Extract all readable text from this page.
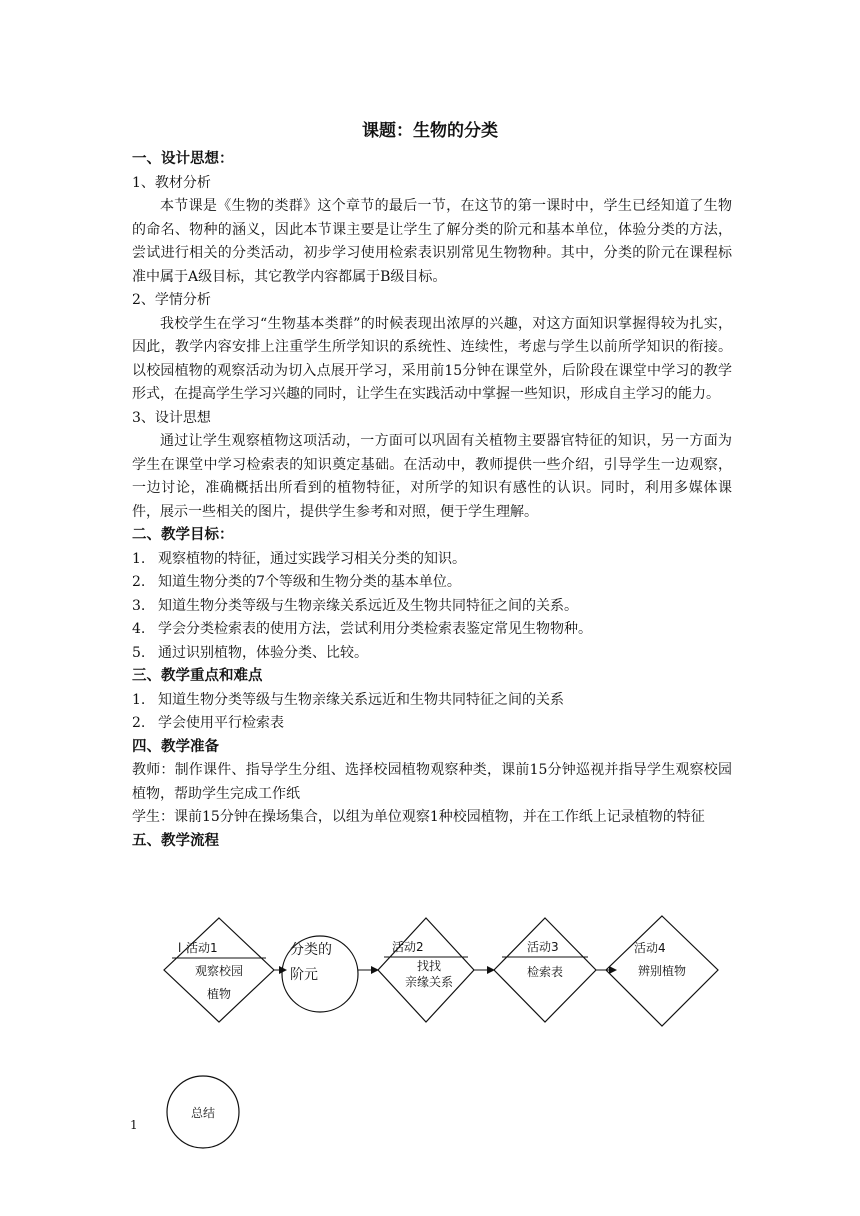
课题：生物的分类
一、设计思想：
1、教材分析
本节课是《生物的类群》这个章节的最后一节，在这节的第一课时中，学生已经知道了生物的命名、物种的涵义，因此本节课主要是让学生了解分类的阶元和基本单位，体验分类的方法，尝试进行相关的分类活动，初步学习使用检索表识别常见生物物种。其中，分类的阶元在课程标准中属于A级目标，其它教学内容都属于B级目标。
2、学情分析
我校学生在学习“生物基本类群”的时候表现出浓厚的兴趣，对这方面知识掌握得较为扎实，因此，教学内容安排上注重学生所学知识的系统性、连续性，考虑与学生以前所学知识的衔接。以校园植物的观察活动为切入点展开学习，采用前15分钟在课堂外，后阶段在课堂中学习的教学形式，在提高学生学习兴趣的同时，让学生在实践活动中掌握一些知识，形成自主学习的能力。
3、设计思想
通过让学生观察植物这项活动，一方面可以巩固有关植物主要器官特征的知识，另一方面为学生在课堂中学习检索表的知识奠定基础。在活动中，教师提供一些介绍，引导学生一边观察，一边讨论，准确概括出所看到的植物特征，对所学的知识有感性的认识。同时，利用多媒体课件，展示一些相关的图片，提供学生参考和对照，便于学生理解。
二、教学目标：
1. 观察植物的特征，通过实践学习相关分类的知识。
2. 知道生物分类的7个等级和生物分类的基本单位。
3. 知道生物分类等级与生物亲缘关系远近及生物共同特征之间的关系。
4. 学会分类检索表的使用方法，尝试利用分类检索表鉴定常见生物物种。
5. 通过识别植物，体验分类、比较。
三、教学重点和难点
1. 知道生物分类等级与生物亲缘关系远近和生物共同特征之间的关系
2. 学会使用平行检索表
四、教学准备
教师：制作课件、指导学生分组、选择校园植物观察种类，课前15分钟巡视并指导学生观察校园植物，帮助学生完成工作纸
学生：课前15分钟在操场集合，以组为单位观察1种校园植物，并在工作纸上记录植物的特征
五、教学流程
l 活动1
观察校园
植物
分类的
阶元
活动2
找找
亲缘关系
活动3
检索表
活动4
辨别植物
总结
1
